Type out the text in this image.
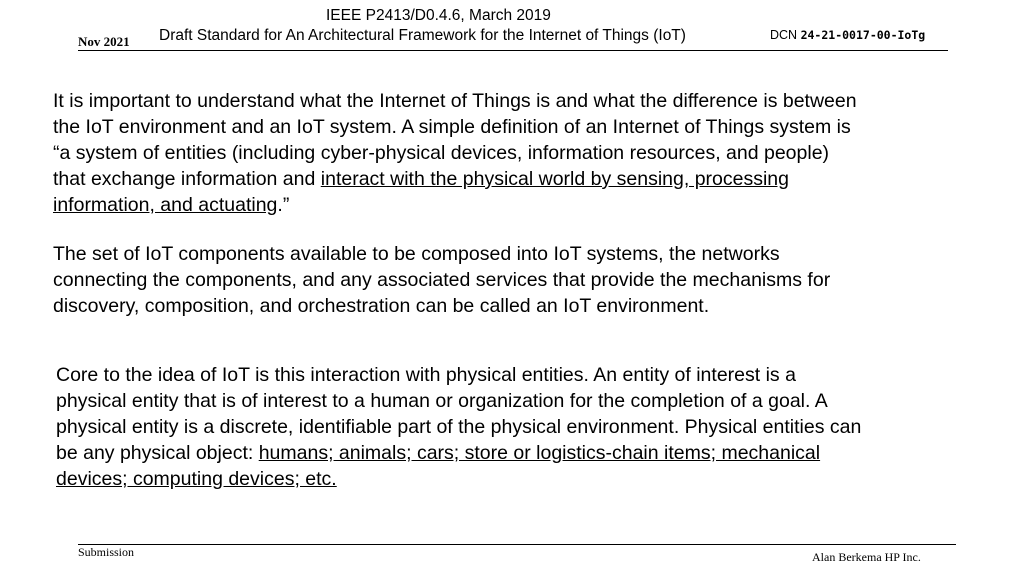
IEEE P2413/D0.4.6, March 2019
Draft Standard for An Architectural Framework for the Internet of Things (IoT)
Nov 2021	DCN 24-21-0017-00-IoTg
It is important to understand what the Internet of Things is and what the difference is between the IoT environment and an IoT system. A simple definition of an Internet of Things system is “a system of entities (including cyber-physical devices, information resources, and people) that exchange information and interact with the physical world by sensing, processing information, and actuating.”
The set of IoT components available to be composed into IoT systems, the networks connecting the components, and any associated services that provide the mechanisms for discovery, composition, and orchestration can be called an IoT environment.
Core to the idea of IoT is this interaction with physical entities. An entity of interest is a physical entity that is of interest to a human or organization for the completion of a goal. A physical entity is a discrete, identifiable part of the physical environment. Physical entities can be any physical object: humans; animals; cars; store or logistics-chain items; mechanical devices; computing devices; etc.
Submission	Alan Berkema HP Inc.
